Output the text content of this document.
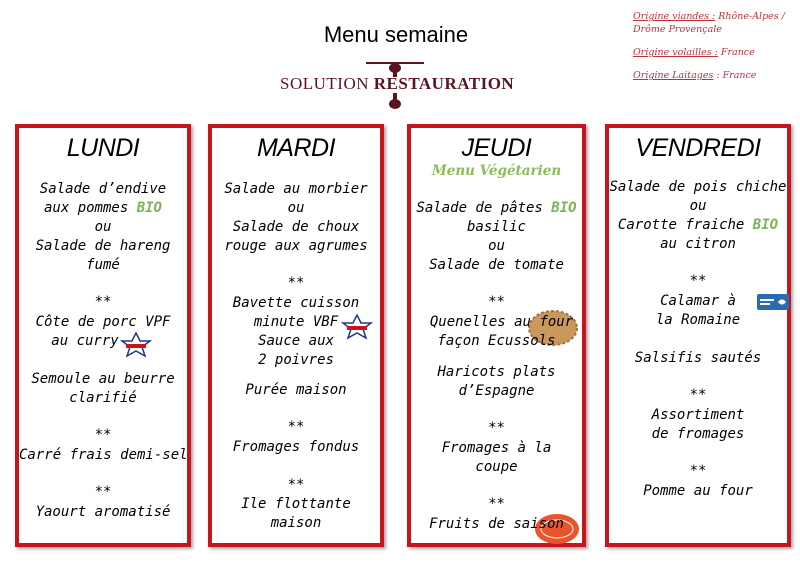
Menu semaine
SOLUTION RESTAURATION
Origine viandes : Rhône-Alpes / Drôme Provençale
Origine volailles : France
Origine Laitages : France
LUNDI
Salade d’endive
aux pommes BIO
ou
Salade de hareng
fumé
**
Côte de porc VPF
au curry
Semoule au beurre
clarifié
**
Carré frais demi-sel
**
Yaourt aromatisé
MARDI
Salade au morbier
ou
Salade de choux
rouge aux agrumes
**
Bavette cuisson
minute VBF
Sauce aux
2 poivres
Purée maison
**
Fromages fondus
**
Ile flottante
maison
JEUDI
Menu Végétarien
Salade de pâtes BIO
basilic
ou
Salade de tomate
**
Quenelles au four
façon Ecussols
Haricots plats
d’Espagne
**
Fromages à la
coupe
**
Fruits de saison
VENDREDI
Salade de pois chiche
ou
Carotte fraiche BIO
au citron
**
Calamar à
la Romaine
Salsifis sautés
**
Assortiment
de fromages
**
Pomme au four
